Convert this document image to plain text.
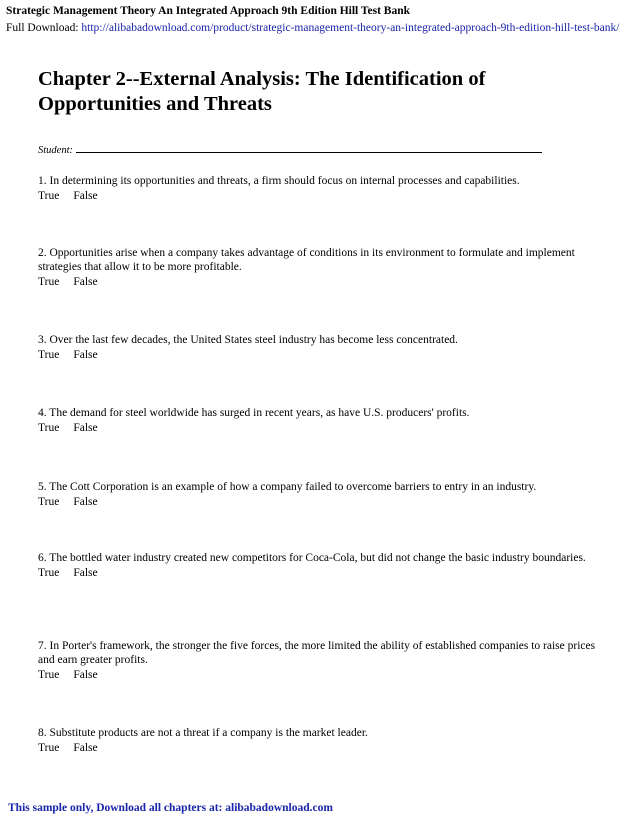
Strategic Management Theory An Integrated Approach 9th Edition Hill Test Bank
Full Download: http://alibabadownload.com/product/strategic-management-theory-an-integrated-approach-9th-edition-hill-test-bank/
Chapter 2--External Analysis: The Identification of
Opportunities and Threats
Student:
1. In determining its opportunities and threats, a firm should focus on internal processes and capabilities.
True False
2. Opportunities arise when a company takes advantage of conditions in its environment to formulate and implement strategies that allow it to be more profitable.
True False
3. Over the last few decades, the United States steel industry has become less concentrated.
True False
4. The demand for steel worldwide has surged in recent years, as have U.S. producers' profits.
True False
5. The Cott Corporation is an example of how a company failed to overcome barriers to entry in an industry.
True False
6. The bottled water industry created new competitors for Coca-Cola, but did not change the basic industry boundaries.
True False
7. In Porter's framework, the stronger the five forces, the more limited the ability of established companies to raise prices and earn greater profits.
True False
8. Substitute products are not a threat if a company is the market leader.
True False
This sample only, Download all chapters at: alibabadownload.com
